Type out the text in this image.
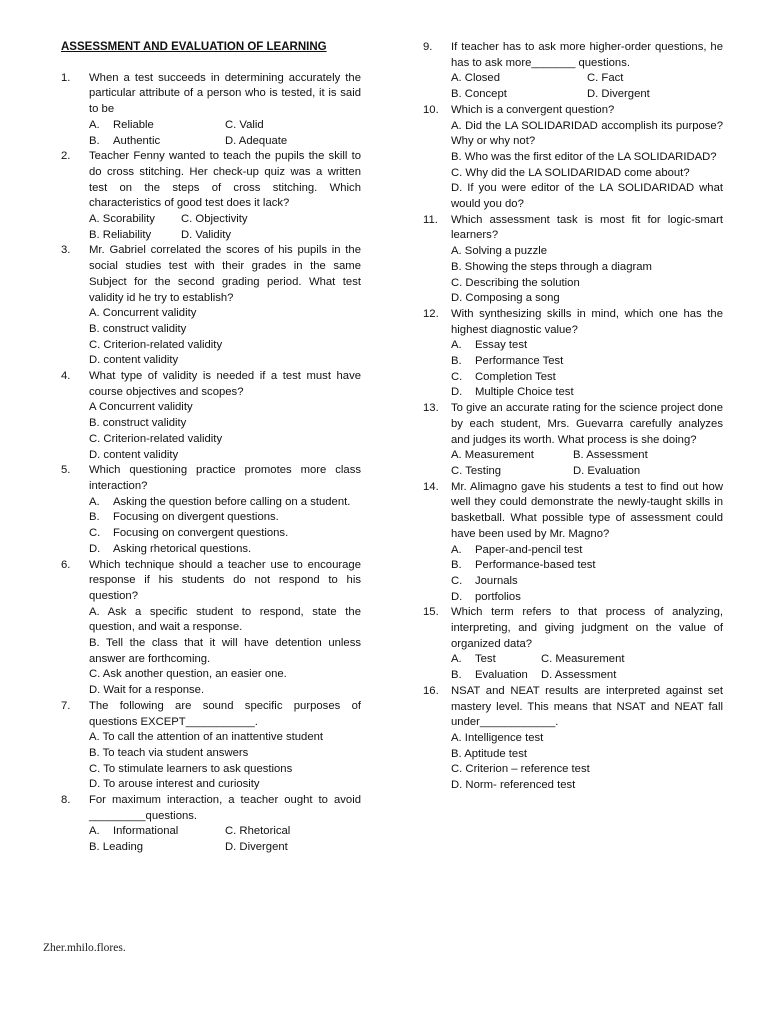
ASSESSMENT AND EVALUATION OF LEARNING
1.	When a test succeeds in determining accurately the particular attribute of a person who is tested, it is said to be
A.	Reliable	C. Valid
B.	Authentic	D. Adequate
2.	Teacher Fenny wanted to teach the pupils the skill to do cross stitching. Her check-up quiz was a written test on the steps of cross stitching. Which characteristics of good test does it lack?
A. Scorability	C. Objectivity
B. Reliability	D. Validity
3.	Mr. Gabriel correlated the scores of his pupils in the social studies test with their grades in the same Subject for the second grading period. What test validity id he try to establish?
A. Concurrent validity
B. construct validity
C. Criterion-related validity
D. content validity
4.	What type of validity is needed if a test must have course objectives and scopes?
A Concurrent validity
B. construct validity
C. Criterion-related validity
D. content validity
5.	Which questioning practice promotes more class interaction?
A.	Asking the question before calling on a student.
B.	Focusing on divergent questions.
C.	Focusing on convergent questions.
D.	Asking rhetorical questions.
6.	Which technique should a teacher use to encourage response if his students do not respond to his question?
A. Ask a specific student to respond, state the question, and wait a response.
B. Tell the class that it will have detention unless answer are forthcoming.
C. Ask another question, an easier one.
D. Wait for a response.
7.	The following are sound specific purposes of questions EXCEPT___________.
A. To call the attention of an inattentive student
B. To teach via student answers
C. To stimulate learners to ask questions
D. To arouse interest and curiosity
8.	For maximum interaction, a teacher ought to avoid _________questions.
A.	Informational	C. Rhetorical
B. Leading	D. Divergent
9.	If teacher has to ask more higher-order questions, he has to ask more_______ questions.
A. Closed	C. Fact
B. Concept	D. Divergent
10.	Which is a convergent question?
A. Did the LA SOLIDARIDAD accomplish its purpose? Why or why not?
B. Who was the first editor of the LA SOLIDARIDAD?
C. Why did the LA SOLIDARIDAD come about?
D. If you were editor of the LA SOLIDARIDAD what would you do?
11.	Which assessment task is most fit for logic-smart learners?
A. Solving a puzzle
B. Showing the steps through a diagram
C. Describing the solution
D. Composing a song
12.	With synthesizing skills in mind, which one has the highest diagnostic value?
A.	Essay test
B.	Performance Test
C.	Completion Test
D.	Multiple Choice test
13.	To give an accurate rating for the science project done by each student, Mrs. Guevarra carefully analyzes and judges its worth. What process is she doing?
A. Measurement	B. Assessment
C. Testing	D. Evaluation
14.	Mr. Alimagno gave his students a test to find out how well they could demonstrate the newly-taught skills in basketball. What possible type of assessment could have been used by Mr. Magno?
A.	Paper-and-pencil test
B.	Performance-based test
C.	Journals
D.	portfolios
15.	Which term refers to that process of analyzing, interpreting, and giving judgment on the value of organized data?
A.	Test	C. Measurement
B.	Evaluation	D. Assessment
16.	NSAT and NEAT results are interpreted against set mastery level. This means that NSAT and NEAT fall under____________.
A. Intelligence test
B. Aptitude test
C. Criterion – reference test
D. Norm- referenced test
Zher.mhilo.flores.
